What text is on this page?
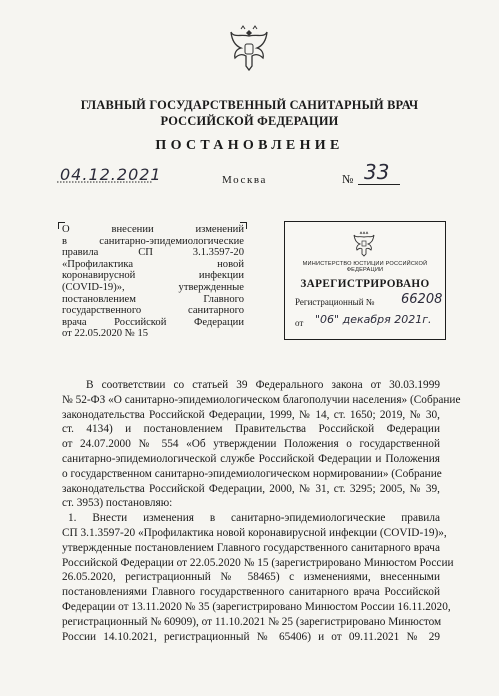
ГЛАВНЫЙ ГОСУДАРСТВЕННЫЙ САНИТАРНЫЙ ВРАЧ
РОССИЙСКОЙ ФЕДЕРАЦИИ
ПОСТАНОВЛЕНИЕ
04.12.2021	Москва	№ 33
О внесении изменений
в санитарно-эпидемиологические
правила СП 3.1.3597-20
«Профилактика новой
коронавирусной инфекции
(COVID-19)», утвержденные
постановлением Главного
государственного санитарного
врача Российской Федерации
от 22.05.2020 № 15
МИНИСТЕРСТВО ЮСТИЦИИ РОССИЙСКОЙ ФЕДЕРАЦИИ
ЗАРЕГИСТРИРОВАНО
Регистрационный № 66208
от "06" декабря 2021г.
В соответствии со статьей 39 Федерального закона от 30.03.1999
№ 52-ФЗ «О санитарно-эпидемиологическом благополучии населения» (Собрание
законодательства Российской Федерации, 1999, № 14, ст. 1650; 2019, № 30,
ст. 4134) и постановлением Правительства Российской Федерации
от 24.07.2000 № 554 «Об утверждении Положения о государственной
санитарно-эпидемиологической службе Российской Федерации и Положения
о государственном санитарно-эпидемиологическом нормировании» (Собрание
законодательства Российской Федерации, 2000, № 31, ст. 3295; 2005, № 39,
ст. 3953) постановляю:
1. Внести изменения в санитарно-эпидемиологические правила
СП 3.1.3597-20 «Профилактика новой коронавирусной инфекции (COVID-19)»,
утвержденные постановлением Главного государственного санитарного врача
Российской Федерации от 22.05.2020 № 15 (зарегистрировано Минюстом России
26.05.2020, регистрационный № 58465) с изменениями, внесенными
постановлениями Главного государственного санитарного врача Российской
Федерации от 13.11.2020 № 35 (зарегистрировано Минюстом России 16.11.2020,
регистрационный № 60909), от 11.10.2021 № 25 (зарегистрировано Минюстом
России 14.10.2021, регистрационный № 65406) и от 09.11.2021 № 29
